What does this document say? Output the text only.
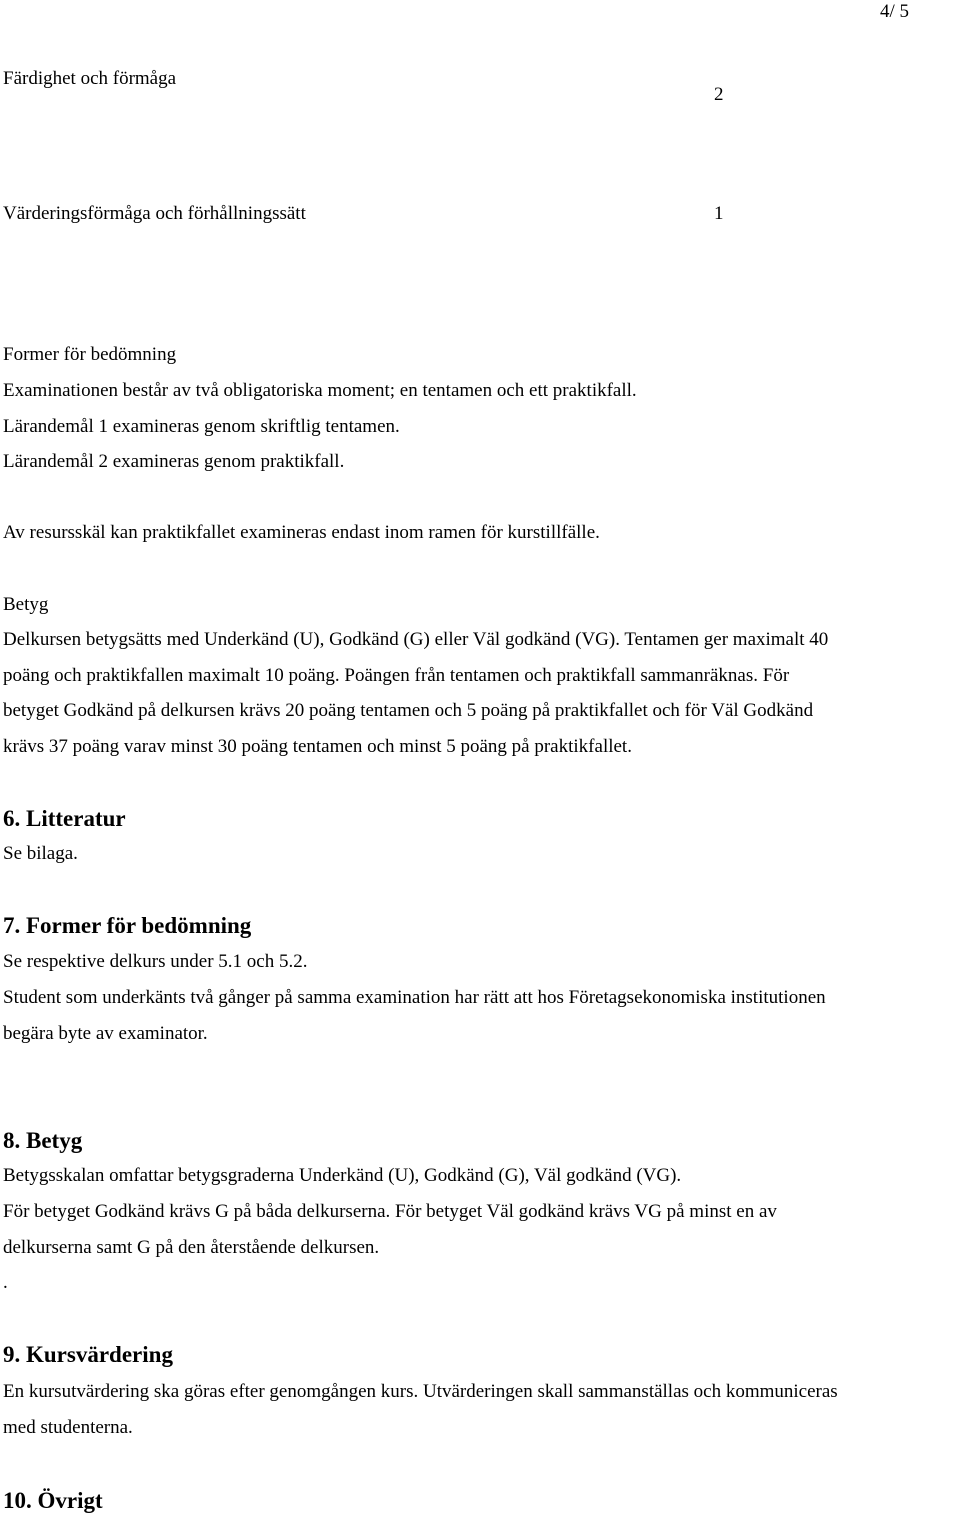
4/ 5
Färdighet och förmåga
2
Värderingsförmåga och förhållningssätt	1
Former för bedömning
Examinationen består av två obligatoriska moment; en tentamen och ett praktikfall.
Lärandemål 1 examineras genom skriftlig tentamen.
Lärandemål 2 examineras genom praktikfall.
Av resursskäl kan praktikfallet examineras endast inom ramen för kurstillfälle.
Betyg
Delkursen betygsätts med Underkänd (U), Godkänd (G) eller Väl godkänd (VG). Tentamen ger maximalt 40
poäng och praktikfallen maximalt 10 poäng. Poängen från tentamen och praktikfall sammanräknas. För
betyget Godkänd på delkursen krävs 20 poäng tentamen och 5 poäng på praktikfallet och för Väl Godkänd
krävs 37 poäng varav minst 30 poäng tentamen och minst 5 poäng på praktikfallet.
6. Litteratur
Se bilaga.
7. Former för bedömning
Se respektive delkurs under 5.1 och 5.2.
Student som underkänts två gånger på samma examination har rätt att hos Företagsekonomiska institutionen
begära byte av examinator.
8. Betyg
Betygsskalan omfattar betygsgraderna Underkänd (U), Godkänd (G), Väl godkänd (VG).
För betyget Godkänd krävs G på båda delkurserna. För betyget Väl godkänd krävs VG på minst en av
delkurserna samt G på den återstående delkursen.
.
9. Kursvärdering
En kursutvärdering ska göras efter genomgången kurs. Utvärderingen skall sammanställas och kommuniceras
med studenterna.
10. Övrigt
